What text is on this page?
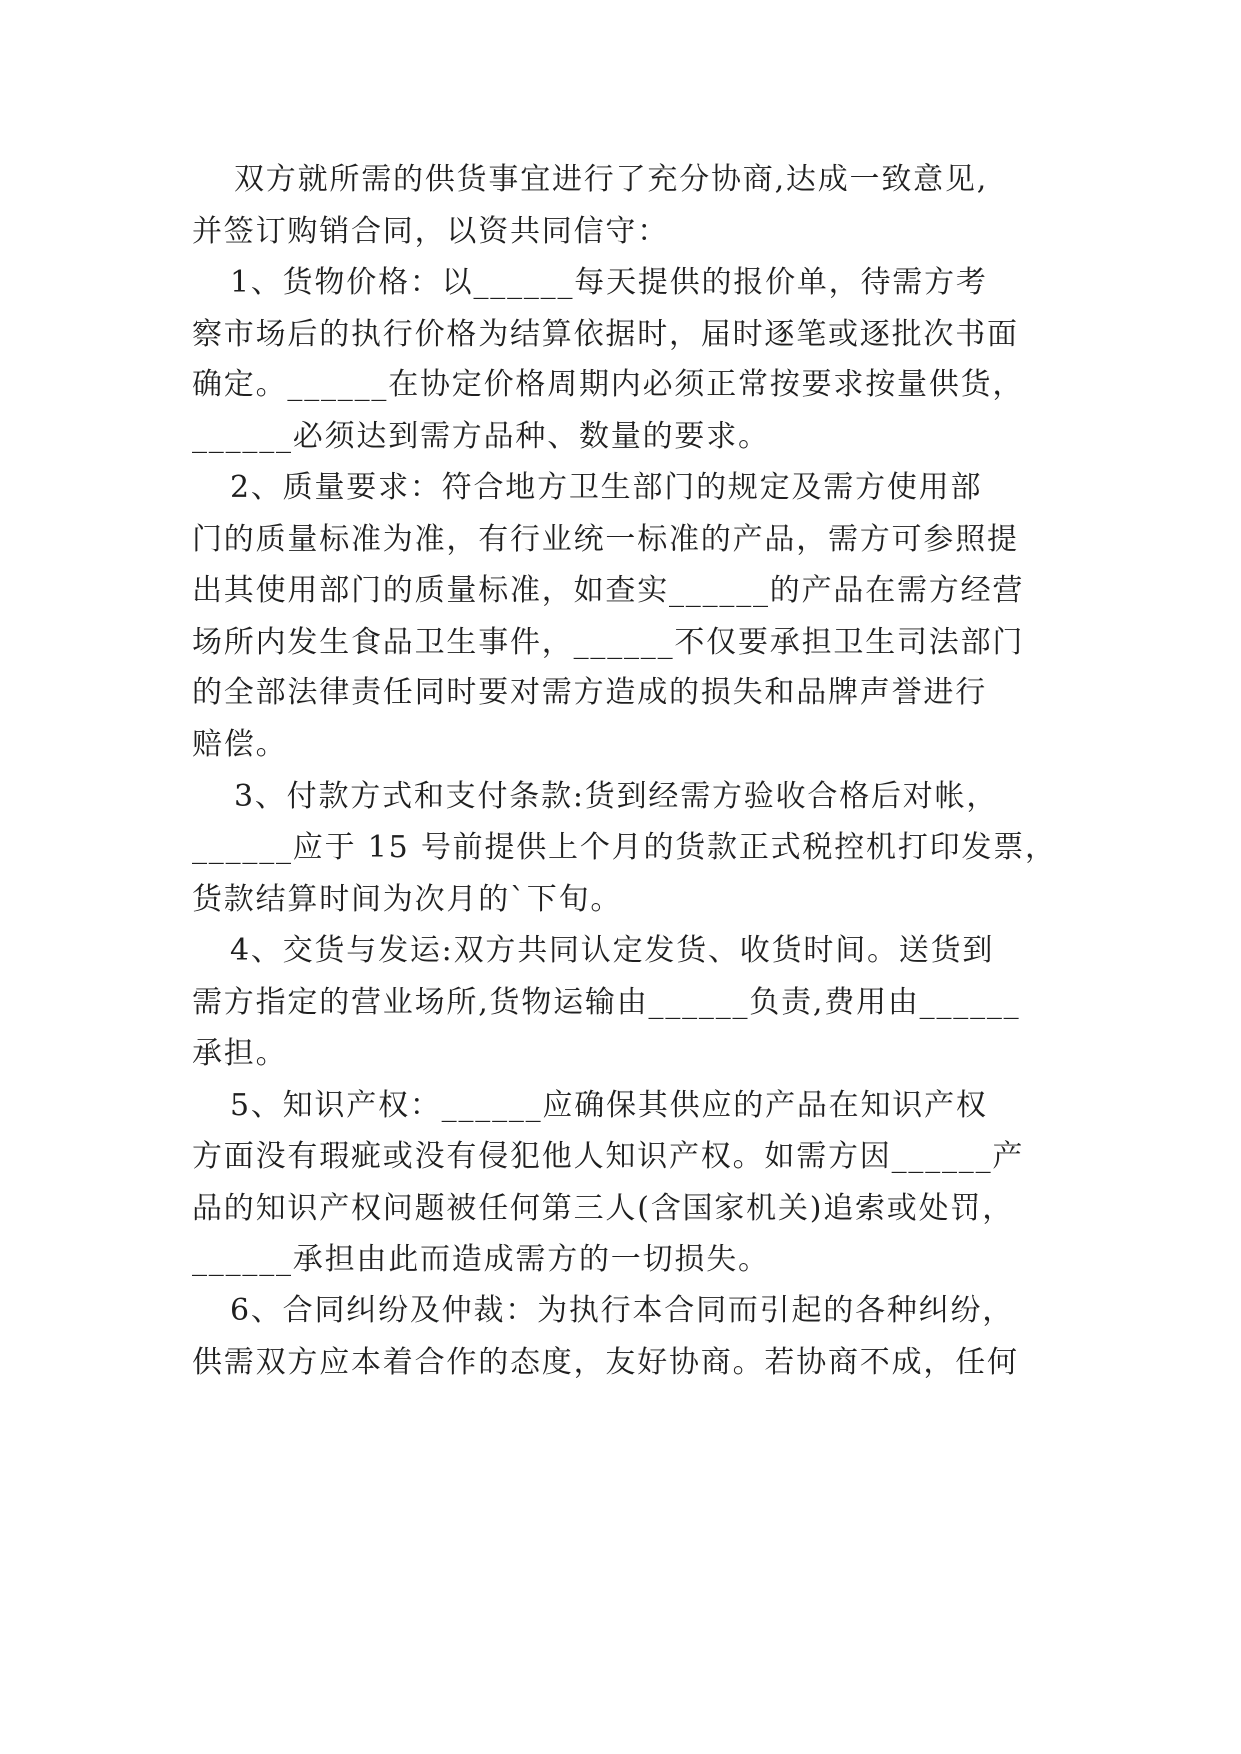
双方就所需的供货事宜进行了充分协商,达成一致意见,
并签订购销合同，以资共同信守：
1、货物价格：以______每天提供的报价单，待需方考
察市场后的执行价格为结算依据时，届时逐笔或逐批次书面
确定。______在协定价格周期内必须正常按要求按量供货，
______必须达到需方品种、数量的要求。
2、质量要求：符合地方卫生部门的规定及需方使用部
门的质量标准为准，有行业统一标准的产品，需方可参照提
出其使用部门的质量标准，如查实______的产品在需方经营
场所内发生食品卫生事件，______不仅要承担卫生司法部门
的全部法律责任同时要对需方造成的损失和品牌声誉进行
赔偿。
3、付款方式和支付条款:货到经需方验收合格后对帐，
______应于 15 号前提供上个月的货款正式税控机打印发票，
货款结算时间为次月的`下旬。
4、交货与发运:双方共同认定发货、收货时间。送货到
需方指定的营业场所,货物运输由______负责,费用由______
承担。
5、知识产权：______应确保其供应的产品在知识产权
方面没有瑕疵或没有侵犯他人知识产权。如需方因______产
品的知识产权问题被任何第三人(含国家机关)追索或处罚，
______承担由此而造成需方的一切损失。
6、合同纠纷及仲裁：为执行本合同而引起的各种纠纷，
供需双方应本着合作的态度，友好协商。若协商不成，任何
